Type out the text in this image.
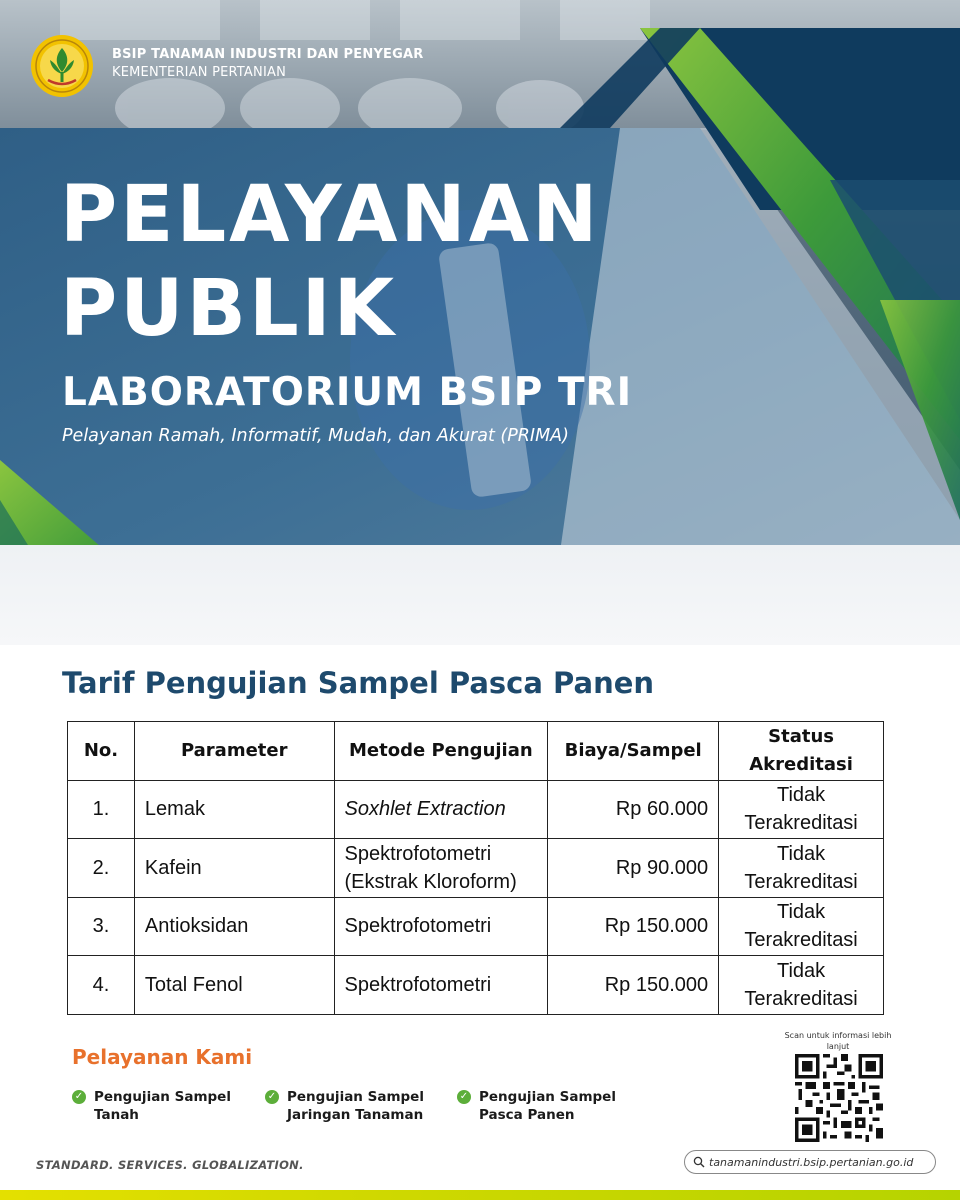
BSIP TANAMAN INDUSTRI DAN PENYEGAR
KEMENTERIAN PERTANIAN
PELAYANAN
PUBLIK
LABORATORIUM BSIP TRI
Pelayanan Ramah, Informatif, Mudah, dan Akurat (PRIMA)
Tarif Pengujian Sampel Pasca Panen
No.	Parameter	Metode Pengujian	Biaya/Sampel	Status Akreditasi
1.	Lemak	Soxhlet Extraction	Rp 60.000	Tidak Terakreditasi
2.	Kafein	Spektrofotometri (Ekstrak Kloroform)	Rp 90.000	Tidak Terakreditasi
3.	Antioksidan	Spektrofotometri	Rp 150.000	Tidak Terakreditasi
4.	Total Fenol	Spektrofotometri	Rp 150.000	Tidak Terakreditasi
Pelayanan Kami
✓ Pengujian Sampel Tanah
✓ Pengujian Sampel Jaringan Tanaman
✓ Pengujian Sampel Pasca Panen
Scan untuk informasi lebih lanjut
STANDARD. SERVICES. GLOBALIZATION.	tanamanindustri.bsip.pertanian.go.id
